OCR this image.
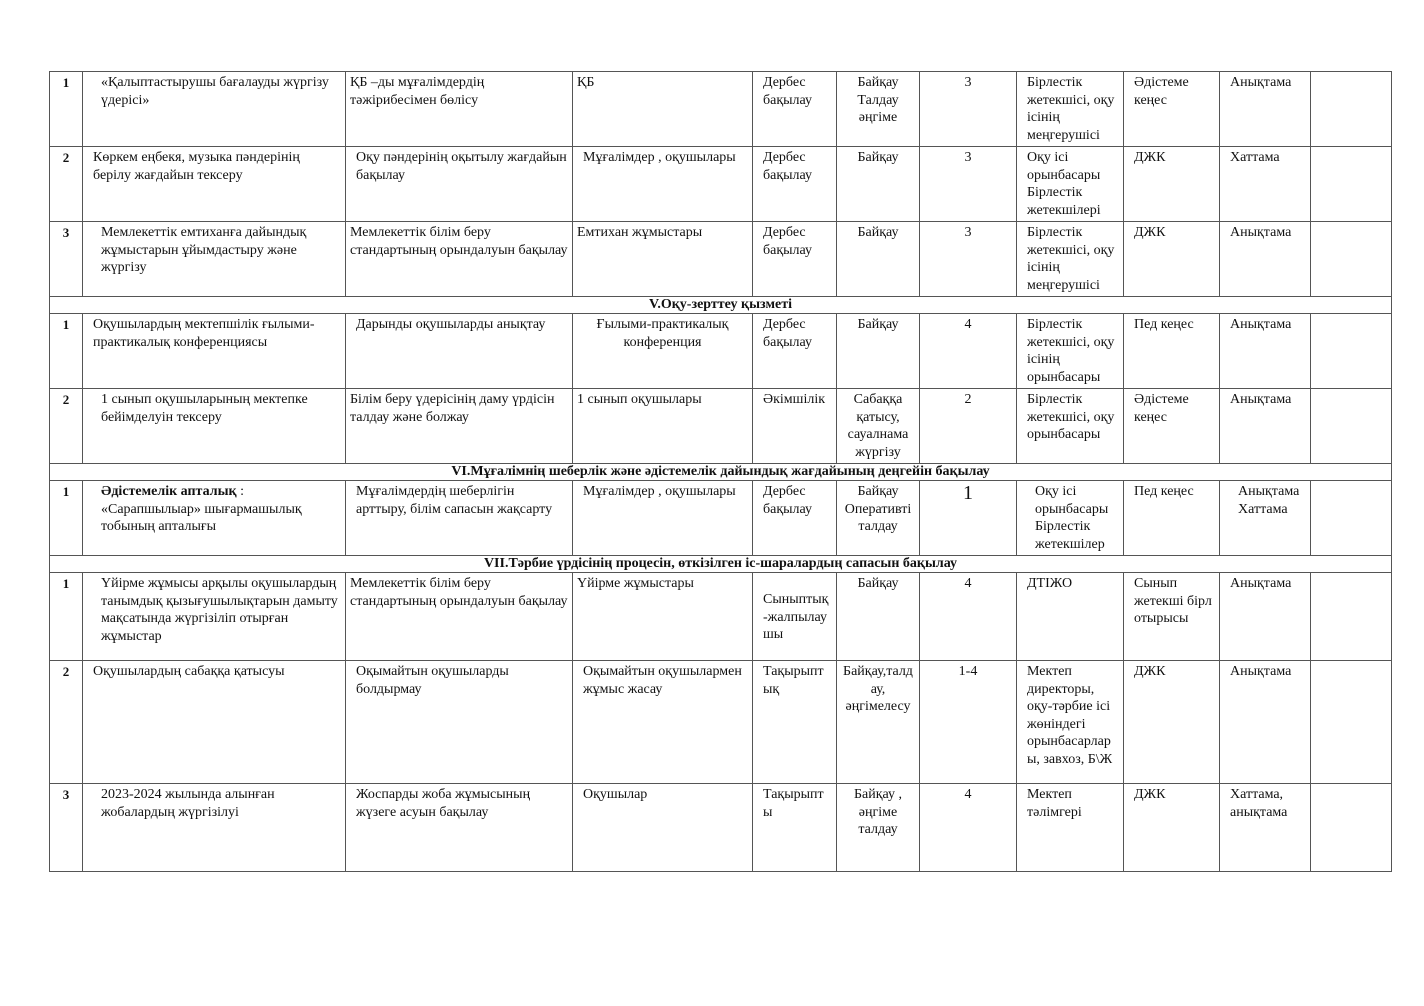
1	«Қалыптастырушы бағалауды жүргізу үдерісі»	ҚБ –ды мұғалімдердің тәжірибесімен бөлісу	ҚБ	Дербес бақылау	Байқау Талдау әңгіме	3	Бірлестік жетекшісі, оқу ісінің меңгерушісі	Әдістеме кеңес	Анықтама	
2	Көркем еңбекя, музыка пәндерінің берілу жағдайын тексеру	Оқу пәндерінің оқытылу жағдайын бақылау	Мұғалімдер , оқушылары	Дербес бақылау	Байқау	3	Оқу ісі орынбасары Бірлестік жетекшілері	ДЖК	Хаттама	
3	Мемлекеттік емтиханға дайындық жұмыстарын ұйымдастыру және жүргізу	Мемлекеттік білім беру стандартының орындалуын бақылау	Емтихан жұмыстары	Дербес бақылау	Байқау	3	Бірлестік жетекшісі, оқу ісінің меңгерушісі	ДЖК	Анықтама	
V.Оқу-зерттеу қызметі										
1	Оқушылардың мектепшілік ғылыми-практикалық конференциясы	Дарынды оқушыларды анықтау	Ғылыми-практикалық конференция	Дербес бақылау	Байқау	4	Бірлестік жетекшісі, оқу ісінің орынбасары	Пед кеңес	Анықтама	
2	1 сынып оқушыларының мектепке бейімделуін тексеру	Білім беру үдерісінің даму үрдісін талдау және болжау	1 сынып оқушылары	Әкімшілік	Сабаққа қатысу, сауалнама жүргізу	2	Бірлестік жетекшісі, оқу орынбасары	Әдістеме кеңес	Анықтама	
VI.Мұғалімнің шеберлік және әдістемелік дайындық жағдайының деңгейін бақылау										
1	Әдістемелік апталық : «Сарапшылыар» шығармашылық тобының апталығы	Мұғалімдердің шеберлігін арттыру, білім сапасын жақсарту	Мұғалімдер , оқушылары	Дербес бақылау	Байқау Оперативті талдау	1	Оқу ісі орынбасары Бірлестік жетекшілер	Пед кеңес	Анықтама Хаттама	
VII.Тәрбие үрдісінің процесін, өткізілген іс-шаралардың сапасын бақылау										
1	Үйірме жұмысы арқылы оқушылардың танымдық қызығушылықтарын дамыту мақсатында жүргізіліп отырған жұмыстар	Мемлекеттік білім беру стандартының орындалуын бақылау	Үйірме жұмыстары	Сыныптық-жалпылау шы	Байқау	4	ДТІЖО	Сынып жетекші бірл отырысы	Анықтама	
2	Оқушылардың сабаққа қатысуы	Оқымайтын оқушыларды болдырмау	Оқымайтын оқушылармен жұмыс жасау	Тақырыптық	Байқау,талдау, әңгімелесу	1-4	Мектеп директоры, оқу-тәрбие ісі жөніндегі орынбасарлары, завхоз, Б\Ж	ДЖК	Анықтама	
3	2023-2024 жылында алынған жобалардың жүргізілуі	Жоспарды жоба жұмысының жүзеге асуын бақылау	Оқушылар	Тақырыпты	Байқау , әңгіме талдау	4	Мектеп тәлімгері	ДЖК	Хаттама, анықтама	
